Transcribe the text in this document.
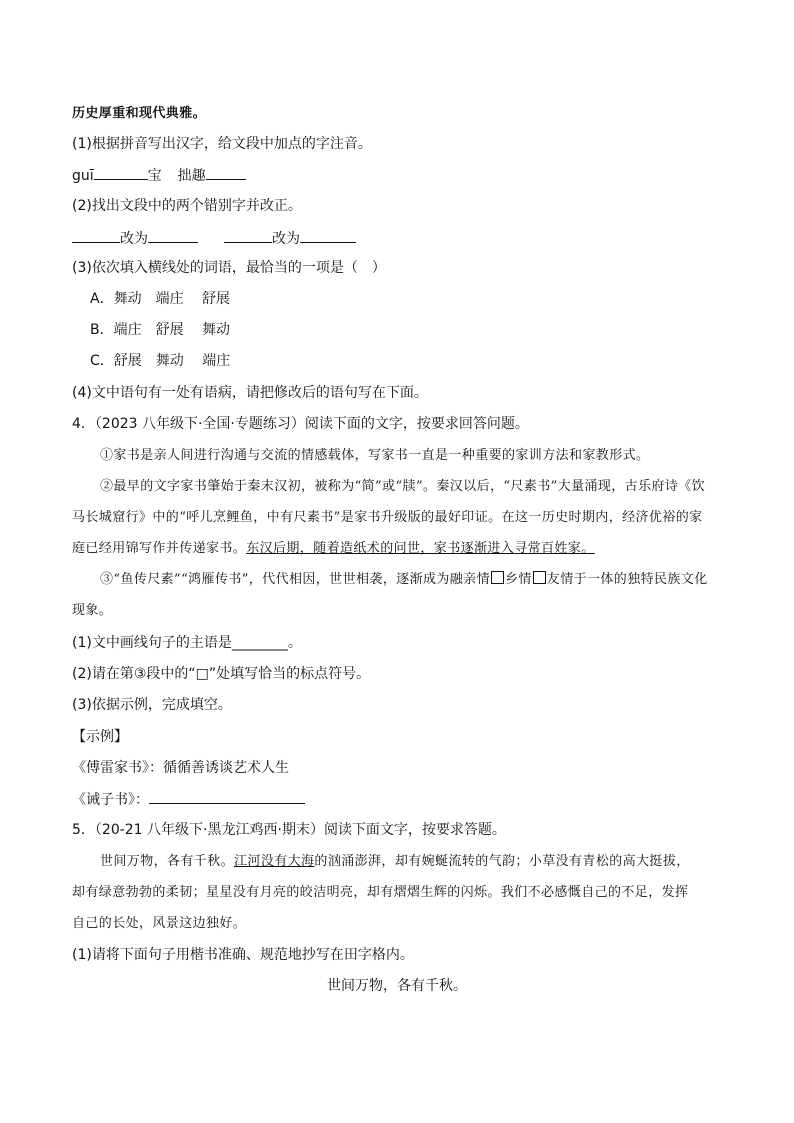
历史厚重和现代典雅。
(1)根据拼音写出汉字，给文段中加点的字注音。
guī	宝 拙趣
(2)找出文段中的两个错别字并改正。
改为	改为
(3)依次填入横线处的词语，最恰当的一项是（　）
A．舞动　端庄　 舒展
B．端庄　舒展　 舞动
C．舒展　舞动　 端庄
(4)文中语句有一处有语病，请把修改后的语句写在下面。
4．（2023 八年级下·全国·专题练习）阅读下面的文字，按要求回答问题。
①家书是亲人间进行沟通与交流的情感载体，写家书一直是一种重要的家训方法和家教形式。
②最早的文字家书肇始于秦末汉初，被称为“简”或“牍”。秦汉以后，“尺素书”大量涌现，古乐府诗《饮
马长城窟行》中的“呼儿烹鲤鱼，中有尺素书”是家书升级版的最好印证。在这一历史时期内，经济优裕的家
庭已经用锦写作并传递家书。东汉后期，随着造纸术的问世，家书逐渐进入寻常百姓家。
③“鱼传尺素”“鸿雁传书”，代代相因，世世相袭，逐渐成为融亲情 乡情 友情于一体的独特民族文化
现象。
(1)文中画线句子的主语是________。
(2)请在第③段中的“□”处填写恰当的标点符号。
(3)依据示例，完成填空。
【示例】
《傅雷家书》：循循善诱谈艺术人生
《诫子书》：
5．（20-21 八年级下·黑龙江鸡西·期末）阅读下面文字，按要求答题。
世间万物，各有千秋。江河没有大海的汹涌澎湃，却有婉蜒流转的气韵；小草没有青松的高大挺拔，
却有绿意勃勃的柔韧；星星没有月亮的皎洁明亮，却有熠熠生辉的闪烁。我们不必感慨自己的不足，发挥
自己的长处，风景这边独好。
(1)请将下面句子用楷书准确、规范地抄写在田字格内。
世间万物，各有千秋。
